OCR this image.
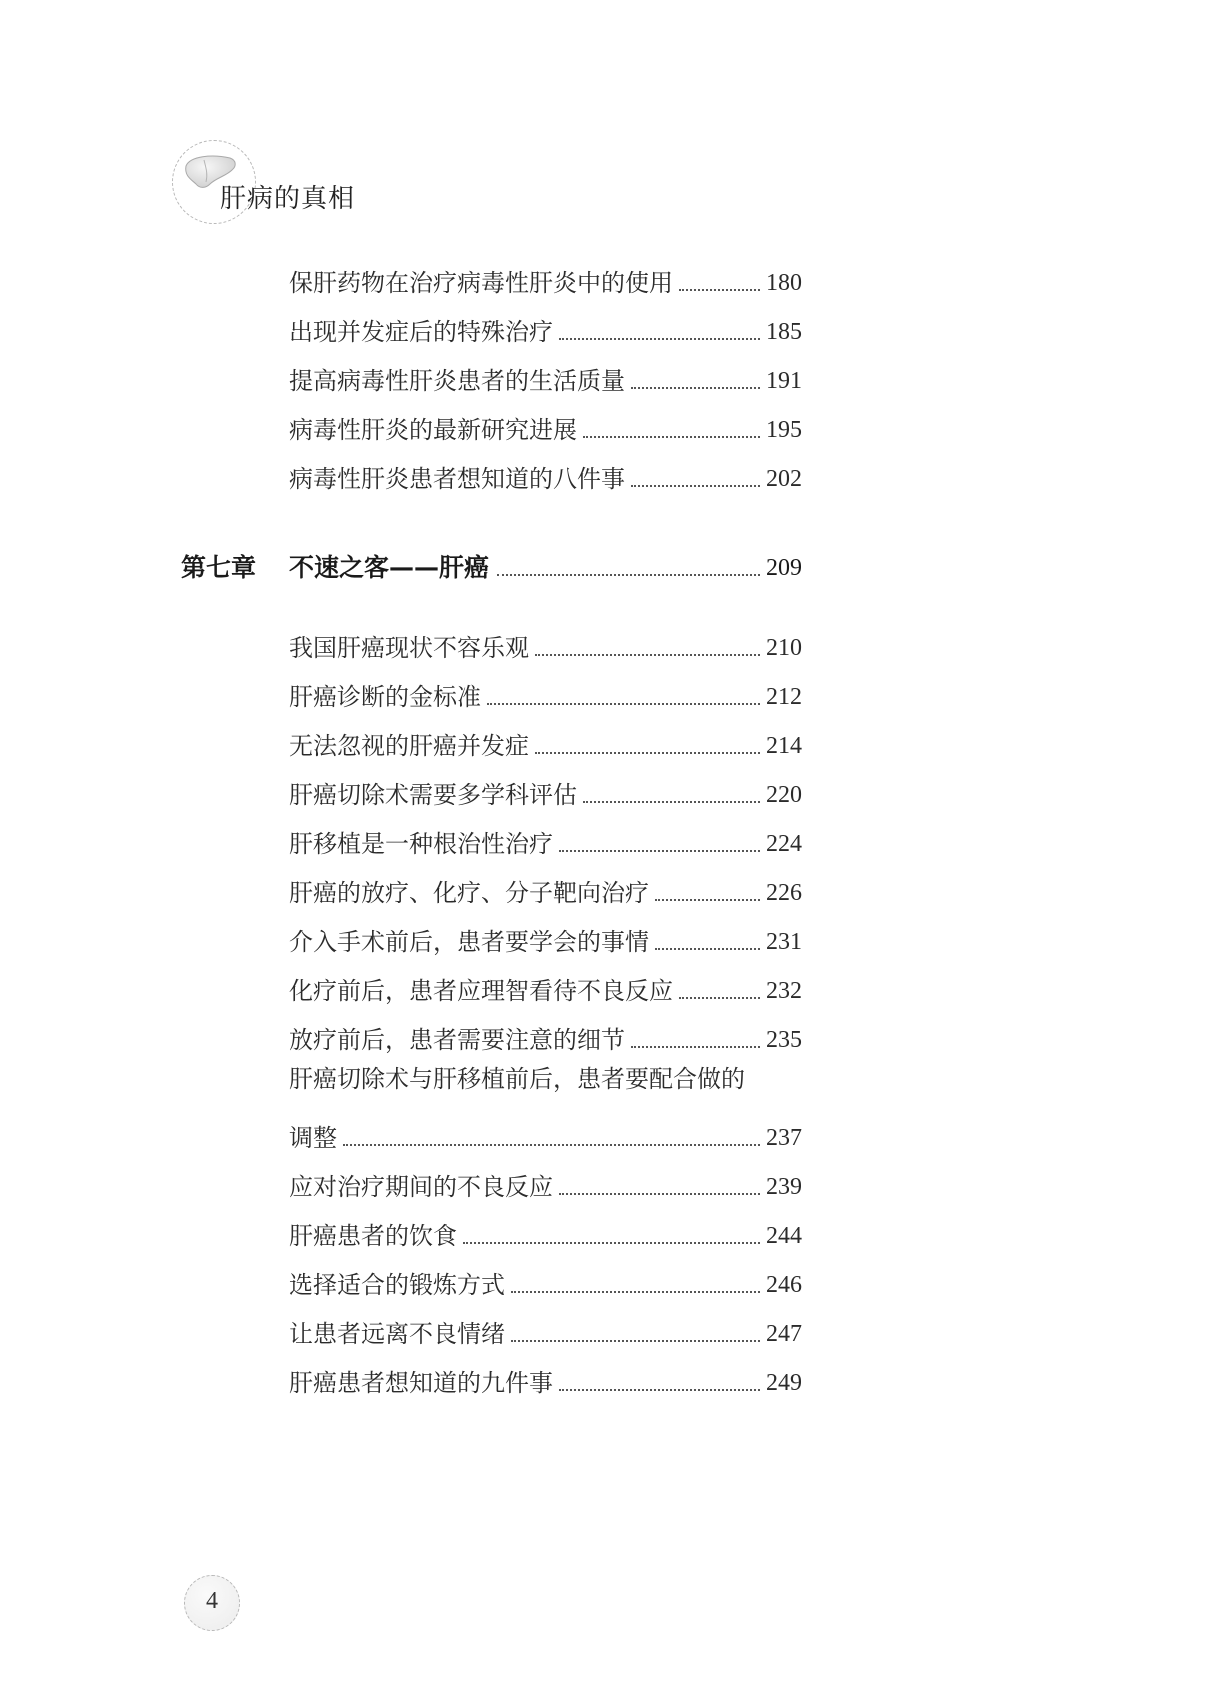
肝病的真相
保肝药物在治疗病毒性肝炎中的使用	180
出现并发症后的特殊治疗	185
提高病毒性肝炎患者的生活质量	191
病毒性肝炎的最新研究进展	195
病毒性肝炎患者想知道的八件事	202
第七章	不速之客——肝癌	209
我国肝癌现状不容乐观	210
肝癌诊断的金标准	212
无法忽视的肝癌并发症	214
肝癌切除术需要多学科评估	220
肝移植是一种根治性治疗	224
肝癌的放疗、化疗、分子靶向治疗	226
介入手术前后，患者要学会的事情	231
化疗前后，患者应理智看待不良反应	232
放疗前后，患者需要注意的细节	235
肝癌切除术与肝移植前后，患者要配合做的
调整	237
应对治疗期间的不良反应	239
肝癌患者的饮食	244
选择适合的锻炼方式	246
让患者远离不良情绪	247
肝癌患者想知道的九件事	249
4
